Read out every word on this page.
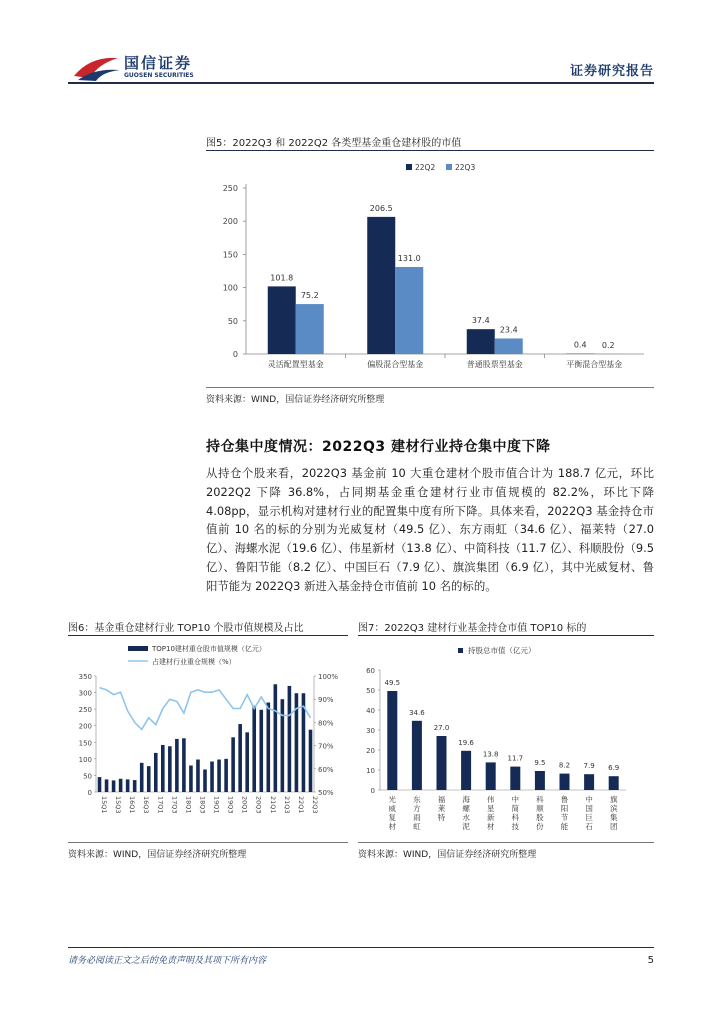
国信证券
GUOSEN SECURITIES	证券研究报告
图5：2022Q3 和 2022Q2 各类型基金重仓建材股的市值
0
50
100
150
200
250
101.8
75.2
灵活配置型基金
206.5
131.0
偏股混合型基金
37.4
23.4
普通股票型基金
0.4 0.2
平衡混合型基金
22Q2	22Q3
资料来源：WIND，国信证券经济研究所整理
持仓集中度情况：2022Q3 建材行业持仓集中度下降
从持仓个股来看，2022Q3 基金前 10 大重仓建材个股市值合计为 188.7 亿元，环比 2022Q2 下降 36.8%，占同期基金重仓建材行业市值规模的 82.2%，环比下降 4.08pp，显示机构对建材行业的配置集中度有所下降。具体来看，2022Q3 基金持仓市值前 10 名的标的分别为光威复材（49.5 亿）、东方雨虹（34.6 亿）、福莱特（27.0 亿）、海螺水泥（19.6 亿）、伟星新材（13.8 亿）、中简科技（11.7 亿）、科顺股份（9.5 亿）、鲁阳节能（8.2 亿）、中国巨石（7.9 亿）、旗滨集团（6.9 亿），其中光威复材、鲁阳节能为 2022Q3 新进入基金持仓市值前 10 名的标的。
图6：基金重仓建材行业 TOP10 个股市值规模及占比
0
50
100
150
200
250
300
350
50%
60%
70%
80%
90%
100%
15Q1 15Q3 16Q1 16Q3 17Q1 17Q3 18Q1 18Q3 19Q1 19Q3 20Q1 20Q3 21Q1 21Q3 22Q1 22Q3
TOP10建材重仓股市值规模（亿元）
占建材行业重仓规模（%）
资料来源：WIND，国信证券经济研究所整理
图7：2022Q3 建材行业基金持仓市值 TOP10 标的
0
10
20
30
40
50
60
49.5
光威复材
34.6
东方雨虹
27.0
福莱特
19.6
海螺水泥
13.8
伟星新材
11.7
中简科技
9.5
科顺股份
8.2
鲁阳节能
7.9
中国巨石
6.9
旗滨集团
持股总市值（亿元）
资料来源：WIND，国信证券经济研究所整理
请务必阅读正文之后的免责声明及其项下所有内容	5
